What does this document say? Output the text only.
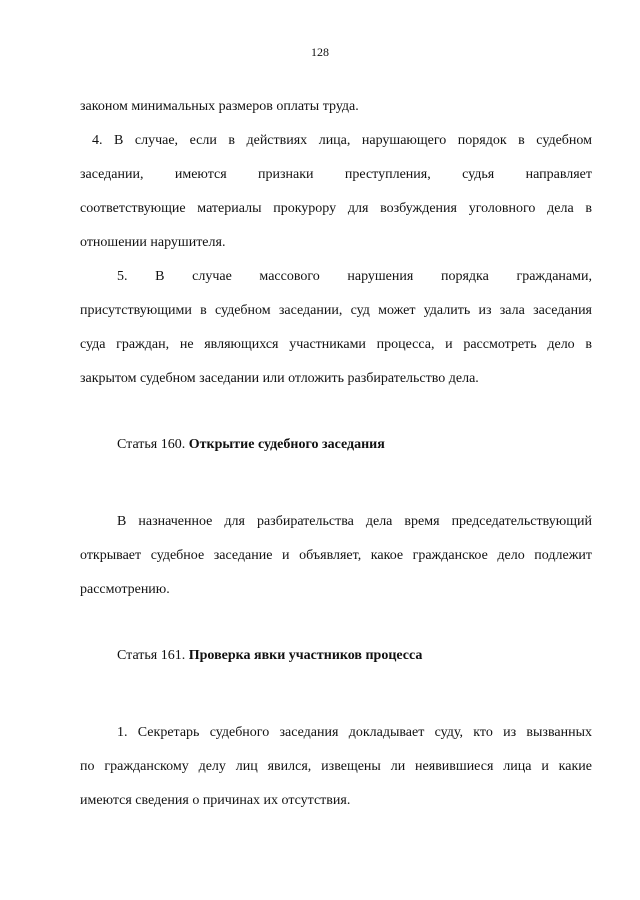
128
законом минимальных размеров оплаты труда.
4. В случае, если в действиях лица, нарушающего порядок в судебном
заседании, имеются признаки преступления, судья направляет
соответствующие материалы прокурору для возбуждения уголовного дела в
отношении нарушителя.
5. В случае массового нарушения порядка гражданами,
присутствующими в судебном заседании, суд может удалить из зала заседания
суда граждан, не являющихся участниками процесса, и рассмотреть дело в
закрытом судебном заседании или отложить разбирательство дела.
Статья 160. Открытие судебного заседания
В назначенное для разбирательства дела время председательствующий
открывает судебное заседание и объявляет, какое гражданское дело подлежит
рассмотрению.
Статья 161. Проверка явки участников процесса
1. Секретарь судебного заседания докладывает суду, кто из вызванных
по гражданскому делу лиц явился, извещены ли неявившиеся лица и какие
имеются сведения о причинах их отсутствия.
